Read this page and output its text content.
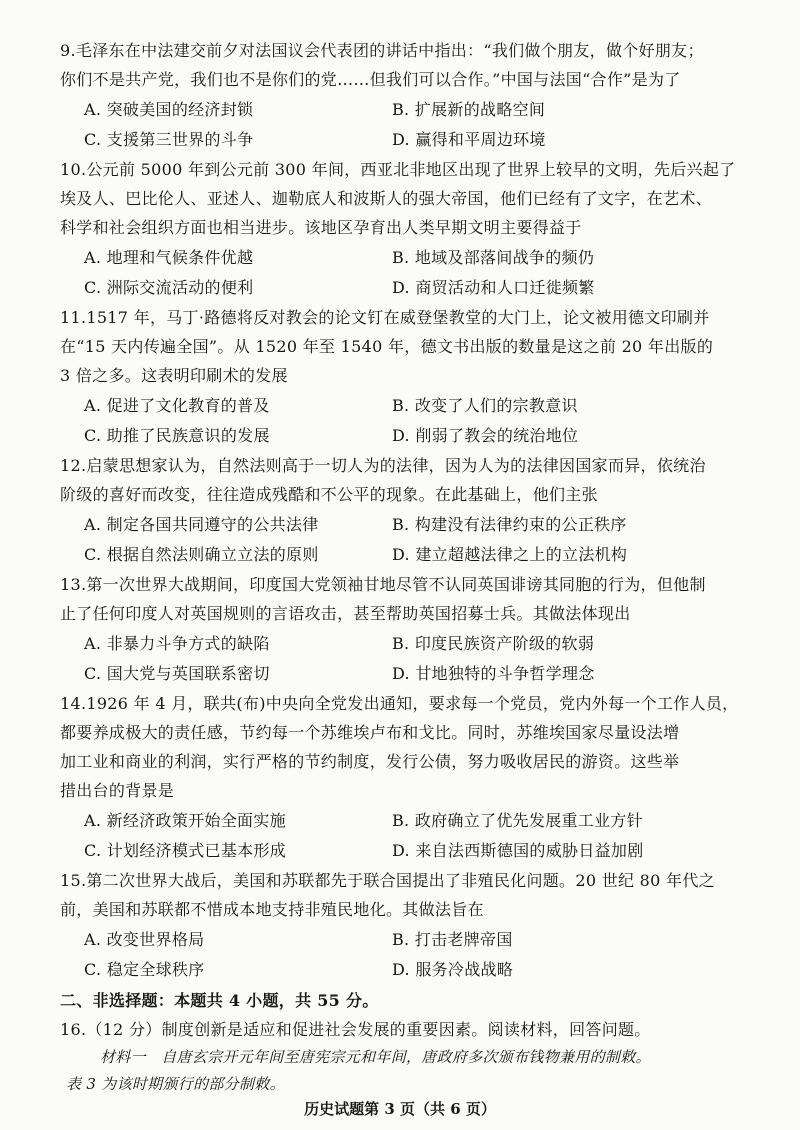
9.毛泽东在中法建交前夕对法国议会代表团的讲话中指出：“我们做个朋友，做个好朋友；
你们不是共产党，我们也不是你们的党……但我们可以合作。”中国与法国“合作”是为了
A. 突破美国的经济封锁	B. 扩展新的战略空间
C. 支援第三世界的斗争	D. 赢得和平周边环境
10.公元前 5000 年到公元前 300 年间，西亚北非地区出现了世界上较早的文明，先后兴起了
埃及人、巴比伦人、亚述人、迦勒底人和波斯人的强大帝国，他们已经有了文字，在艺术、
科学和社会组织方面也相当进步。该地区孕育出人类早期文明主要得益于
A. 地理和气候条件优越	B. 地域及部落间战争的频仍
C. 洲际交流活动的便利	D. 商贸活动和人口迁徙频繁
11.1517 年，马丁·路德将反对教会的论文钉在威登堡教堂的大门上，论文被用德文印刷并
在“15 天内传遍全国”。从 1520 年至 1540 年，德文书出版的数量是这之前 20 年出版的
3 倍之多。这表明印刷术的发展
A. 促进了文化教育的普及	B. 改变了人们的宗教意识
C. 助推了民族意识的发展	D. 削弱了教会的统治地位
12.启蒙思想家认为，自然法则高于一切人为的法律，因为人为的法律因国家而异，依统治
阶级的喜好而改变，往往造成残酷和不公平的现象。在此基础上，他们主张
A. 制定各国共同遵守的公共法律	B. 构建没有法律约束的公正秩序
C. 根据自然法则确立立法的原则	D. 建立超越法律之上的立法机构
13.第一次世界大战期间，印度国大党领袖甘地尽管不认同英国诽谤其同胞的行为，但他制
止了任何印度人对英国规则的言语攻击，甚至帮助英国招募士兵。其做法体现出
A. 非暴力斗争方式的缺陷	B. 印度民族资产阶级的软弱
C. 国大党与英国联系密切	D. 甘地独特的斗争哲学理念
14.1926 年 4 月，联共(布)中央向全党发出通知，要求每一个党员，党内外每一个工作人员，
都要养成极大的责任感，节约每一个苏维埃卢布和戈比。同时，苏维埃国家尽量设法增
加工业和商业的利润，实行严格的节约制度，发行公债，努力吸收居民的游资。这些举
措出台的背景是
A. 新经济政策开始全面实施	B. 政府确立了优先发展重工业方针
C. 计划经济模式已基本形成	D. 来自法西斯德国的威胁日益加剧
15.第二次世界大战后，美国和苏联都先于联合国提出了非殖民化问题。20 世纪 80 年代之
前，美国和苏联都不惜成本地支持非殖民地化。其做法旨在
A. 改变世界格局	B. 打击老牌帝国
C. 稳定全球秩序	D. 服务冷战战略
二、非选择题：本题共 4 小题，共 55 分。
16.（12 分）制度创新是适应和促进社会发展的重要因素。阅读材料，回答问题。
材料一　自唐玄宗开元年间至唐宪宗元和年间，唐政府多次颁布钱物兼用的制敕。
表 3 为该时期颁行的部分制敕。
历史试题第 3 页（共 6 页）
